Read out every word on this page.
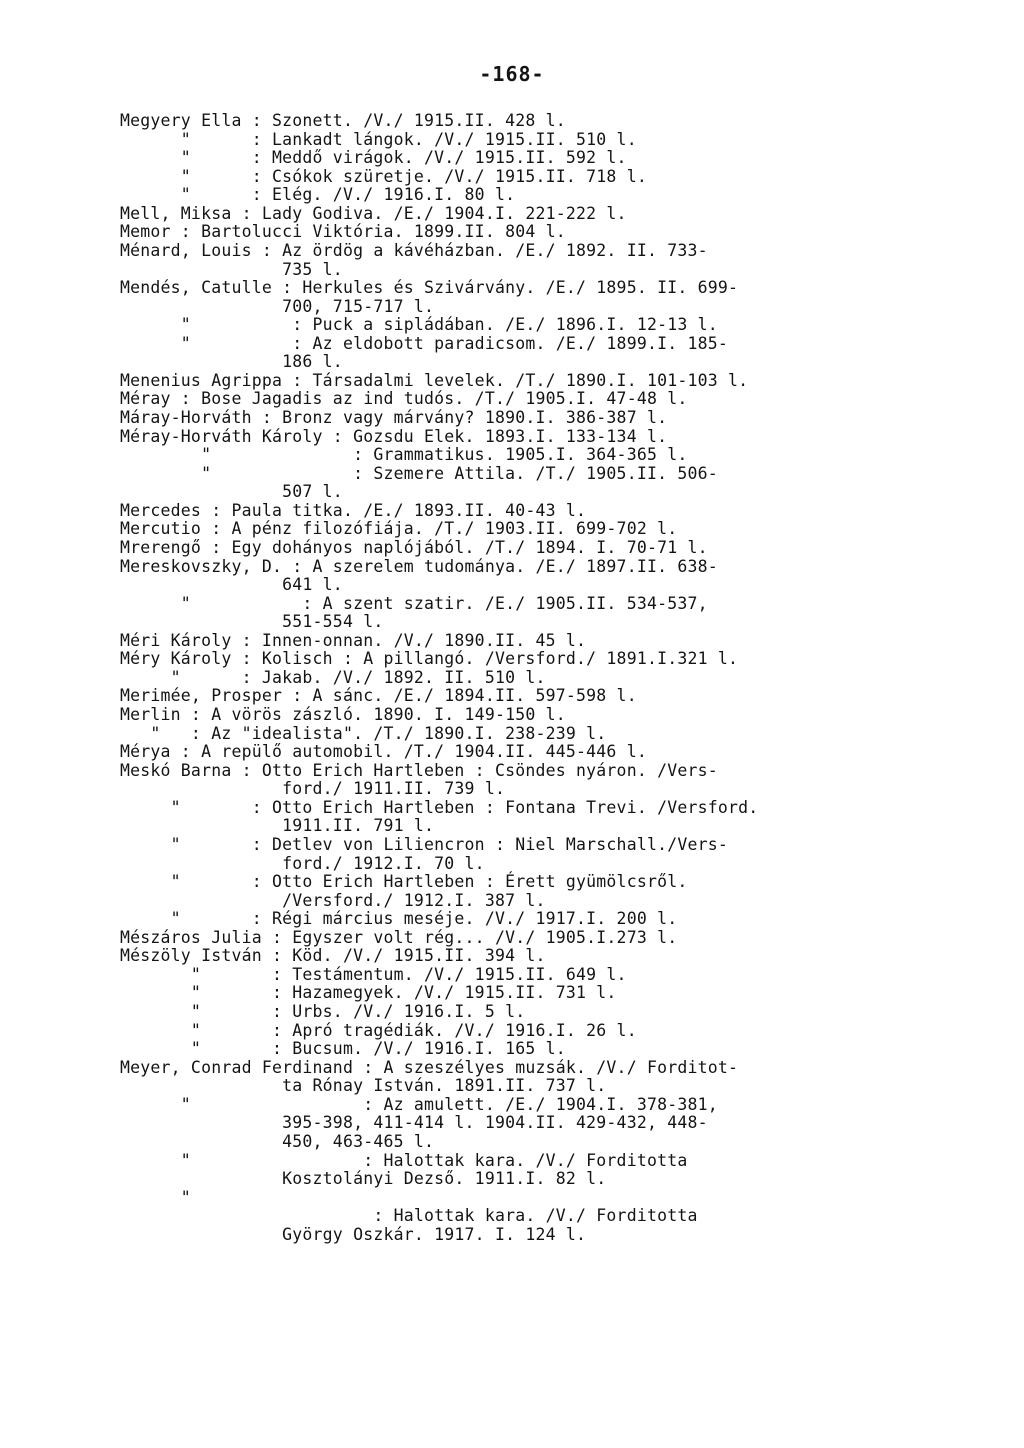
-168-
Megyery Ella : Szonett. /V./ 1915.II. 428 l.
"      : Lankadt lángok. /V./ 1915.II. 510 l.
"      : Meddő virágok. /V./ 1915.II. 592 l.
"      : Csókok szüretje. /V./ 1915.II. 718 l.
"      : Elég. /V./ 1916.I. 80 l.
Mell, Miksa : Lady Godiva. /E./ 1904.I. 221-222 l.
Memor : Bartolucci Viktória. 1899.II. 804 l.
Ménard, Louis : Az ördög a kávéházban. /E./ 1892. II. 733-
735 l.
Mendés, Catulle : Herkules és Szivárvány. /E./ 1895. II. 699-
700, 715-717 l.
"          : Puck a sipládában. /E./ 1896.I. 12-13 l.
"          : Az eldobott paradicsom. /E./ 1899.I. 185-
186 l.
Menenius Agrippa : Társadalmi levelek. /T./ 1890.I. 101-103 l.
Méray : Bose Jagadis az ind tudós. /T./ 1905.I. 47-48 l.
Máray-Horváth : Bronz vagy márvány? 1890.I. 386-387 l.
Méray-Horváth Károly : Gozsdu Elek. 1893.I. 133-134 l.
"              : Grammatikus. 1905.I. 364-365 l.
"              : Szemere Attila. /T./ 1905.II. 506-
507 l.
Mercedes : Paula titka. /E./ 1893.II. 40-43 l.
Mercutio : A pénz filozófiája. /T./ 1903.II. 699-702 l.
Mrerengő : Egy dohányos naplójából. /T./ 1894. I. 70-71 l.
Mereskovszky, D. : A szerelem tudománya. /E./ 1897.II. 638-
641 l.
"           : A szent szatir. /E./ 1905.II. 534-537,
551-554 l.
Méri Károly : Innen-onnan. /V./ 1890.II. 45 l.
Méry Károly : Kolisch : A pillangó. /Versford./ 1891.I.321 l.
"      : Jakab. /V./ 1892. II. 510 l.
Merimée, Prosper : A sánc. /E./ 1894.II. 597-598 l.
Merlin : A vörös zászló. 1890. I. 149-150 l.
"   : Az "idealista". /T./ 1890.I. 238-239 l.
Mérya : A repülő automobil. /T./ 1904.II. 445-446 l.
Meskó Barna : Otto Erich Hartleben : Csöndes nyáron. /Vers-
ford./ 1911.II. 739 l.
"       : Otto Erich Hartleben : Fontana Trevi. /Versford.
1911.II. 791 l.
"       : Detlev von Liliencron : Niel Marschall./Vers-
ford./ 1912.I. 70 l.
"       : Otto Erich Hartleben : Érett gyümölcsről.
/Versford./ 1912.I. 387 l.
"       : Régi március meséje. /V./ 1917.I. 200 l.
Mészáros Julia : Egyszer volt rég... /V./ 1905.I.273 l.
Mészöly István : Köd. /V./ 1915.II. 394 l.
"       : Testámentum. /V./ 1915.II. 649 l.
"       : Hazamegyek. /V./ 1915.II. 731 l.
"       : Urbs. /V./ 1916.I. 5 l.
"       : Apró tragédiák. /V./ 1916.I. 26 l.
"       : Bucsum. /V./ 1916.I. 165 l.
Meyer, Conrad Ferdinand : A szeszélyes muzsák. /V./ Forditot-
ta Rónay István. 1891.II. 737 l.
"                 : Az amulett. /E./ 1904.I. 378-381,
395-398, 411-414 l. 1904.II. 429-432, 448-
450, 463-465 l.
"                 : Halottak kara. /V./ Forditotta
Kosztolányi Dezső. 1911.I. 82 l.
"
: Halottak kara. /V./ Forditotta
György Oszkár. 1917. I. 124 l.
